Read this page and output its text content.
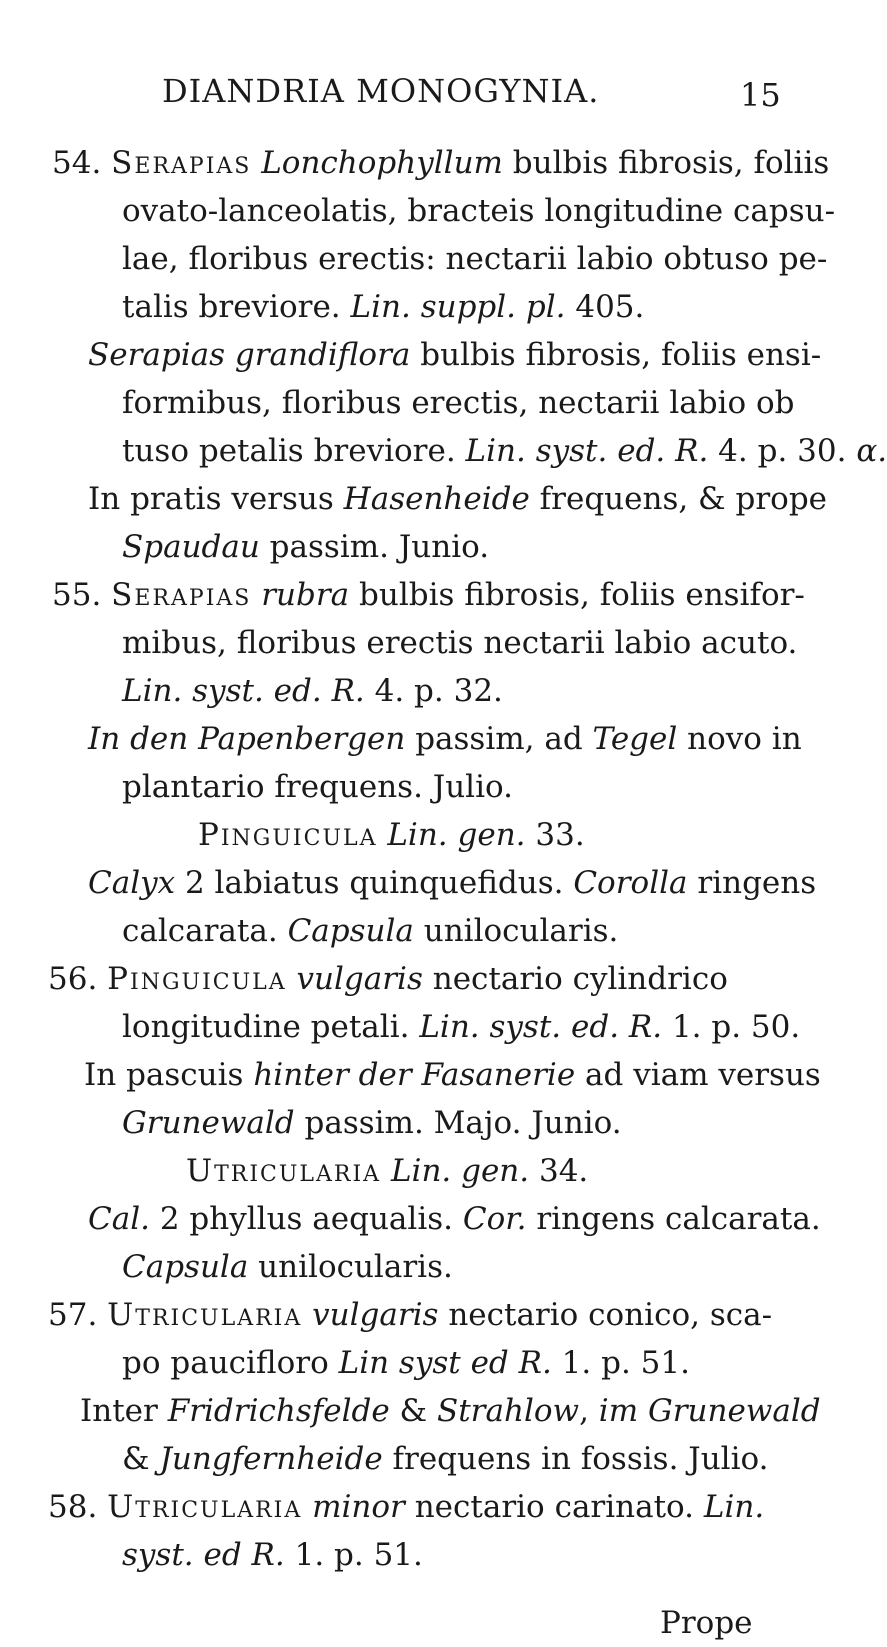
DIANDRIA MONOGYNIA.	15
54. Serapias Lonchophyllum bulbis fibrosis, foliis
ovato-lanceolatis, bracteis longitudine capsu-
lae, floribus erectis: nectarii labio obtuso pe-
talis breviore. Lin. suppl. pl. 405.
Serapias grandiflora bulbis fibrosis, foliis ensi-
formibus, floribus erectis, nectarii labio ob
tuso petalis breviore. Lin. syst. ed. R. 4. p. 30. α.
In pratis versus Hasenheide frequens, & prope
Spaudau passim. Junio.
55. Serapias rubra bulbis fibrosis, foliis ensifor-
mibus, floribus erectis nectarii labio acuto.
Lin. syst. ed. R. 4. p. 32.
In den Papenbergen passim, ad Tegel novo in
plantario frequens. Julio.
Pinguicula Lin. gen. 33.
Calyx 2 labiatus quinquefidus. Corolla ringens
calcarata. Capsula unilocularis.
56. Pinguicula vulgaris nectario cylindrico
longitudine petali. Lin. syst. ed. R. 1. p. 50.
In pascuis hinter der Fasanerie ad viam versus
Grunewald passim. Majo. Junio.
Utricularia Lin. gen. 34.
Cal. 2 phyllus aequalis. Cor. ringens calcarata.
Capsula unilocularis.
57. Utricularia vulgaris nectario conico, sca-
po paucifloro Lin syst ed R. 1. p. 51.
Inter Fridrichsfelde & Strahlow, im Grunewald
& Jungfernheide frequens in fossis. Julio.
58. Utricularia minor nectario carinato. Lin.
syst. ed R. 1. p. 51.
Prope
